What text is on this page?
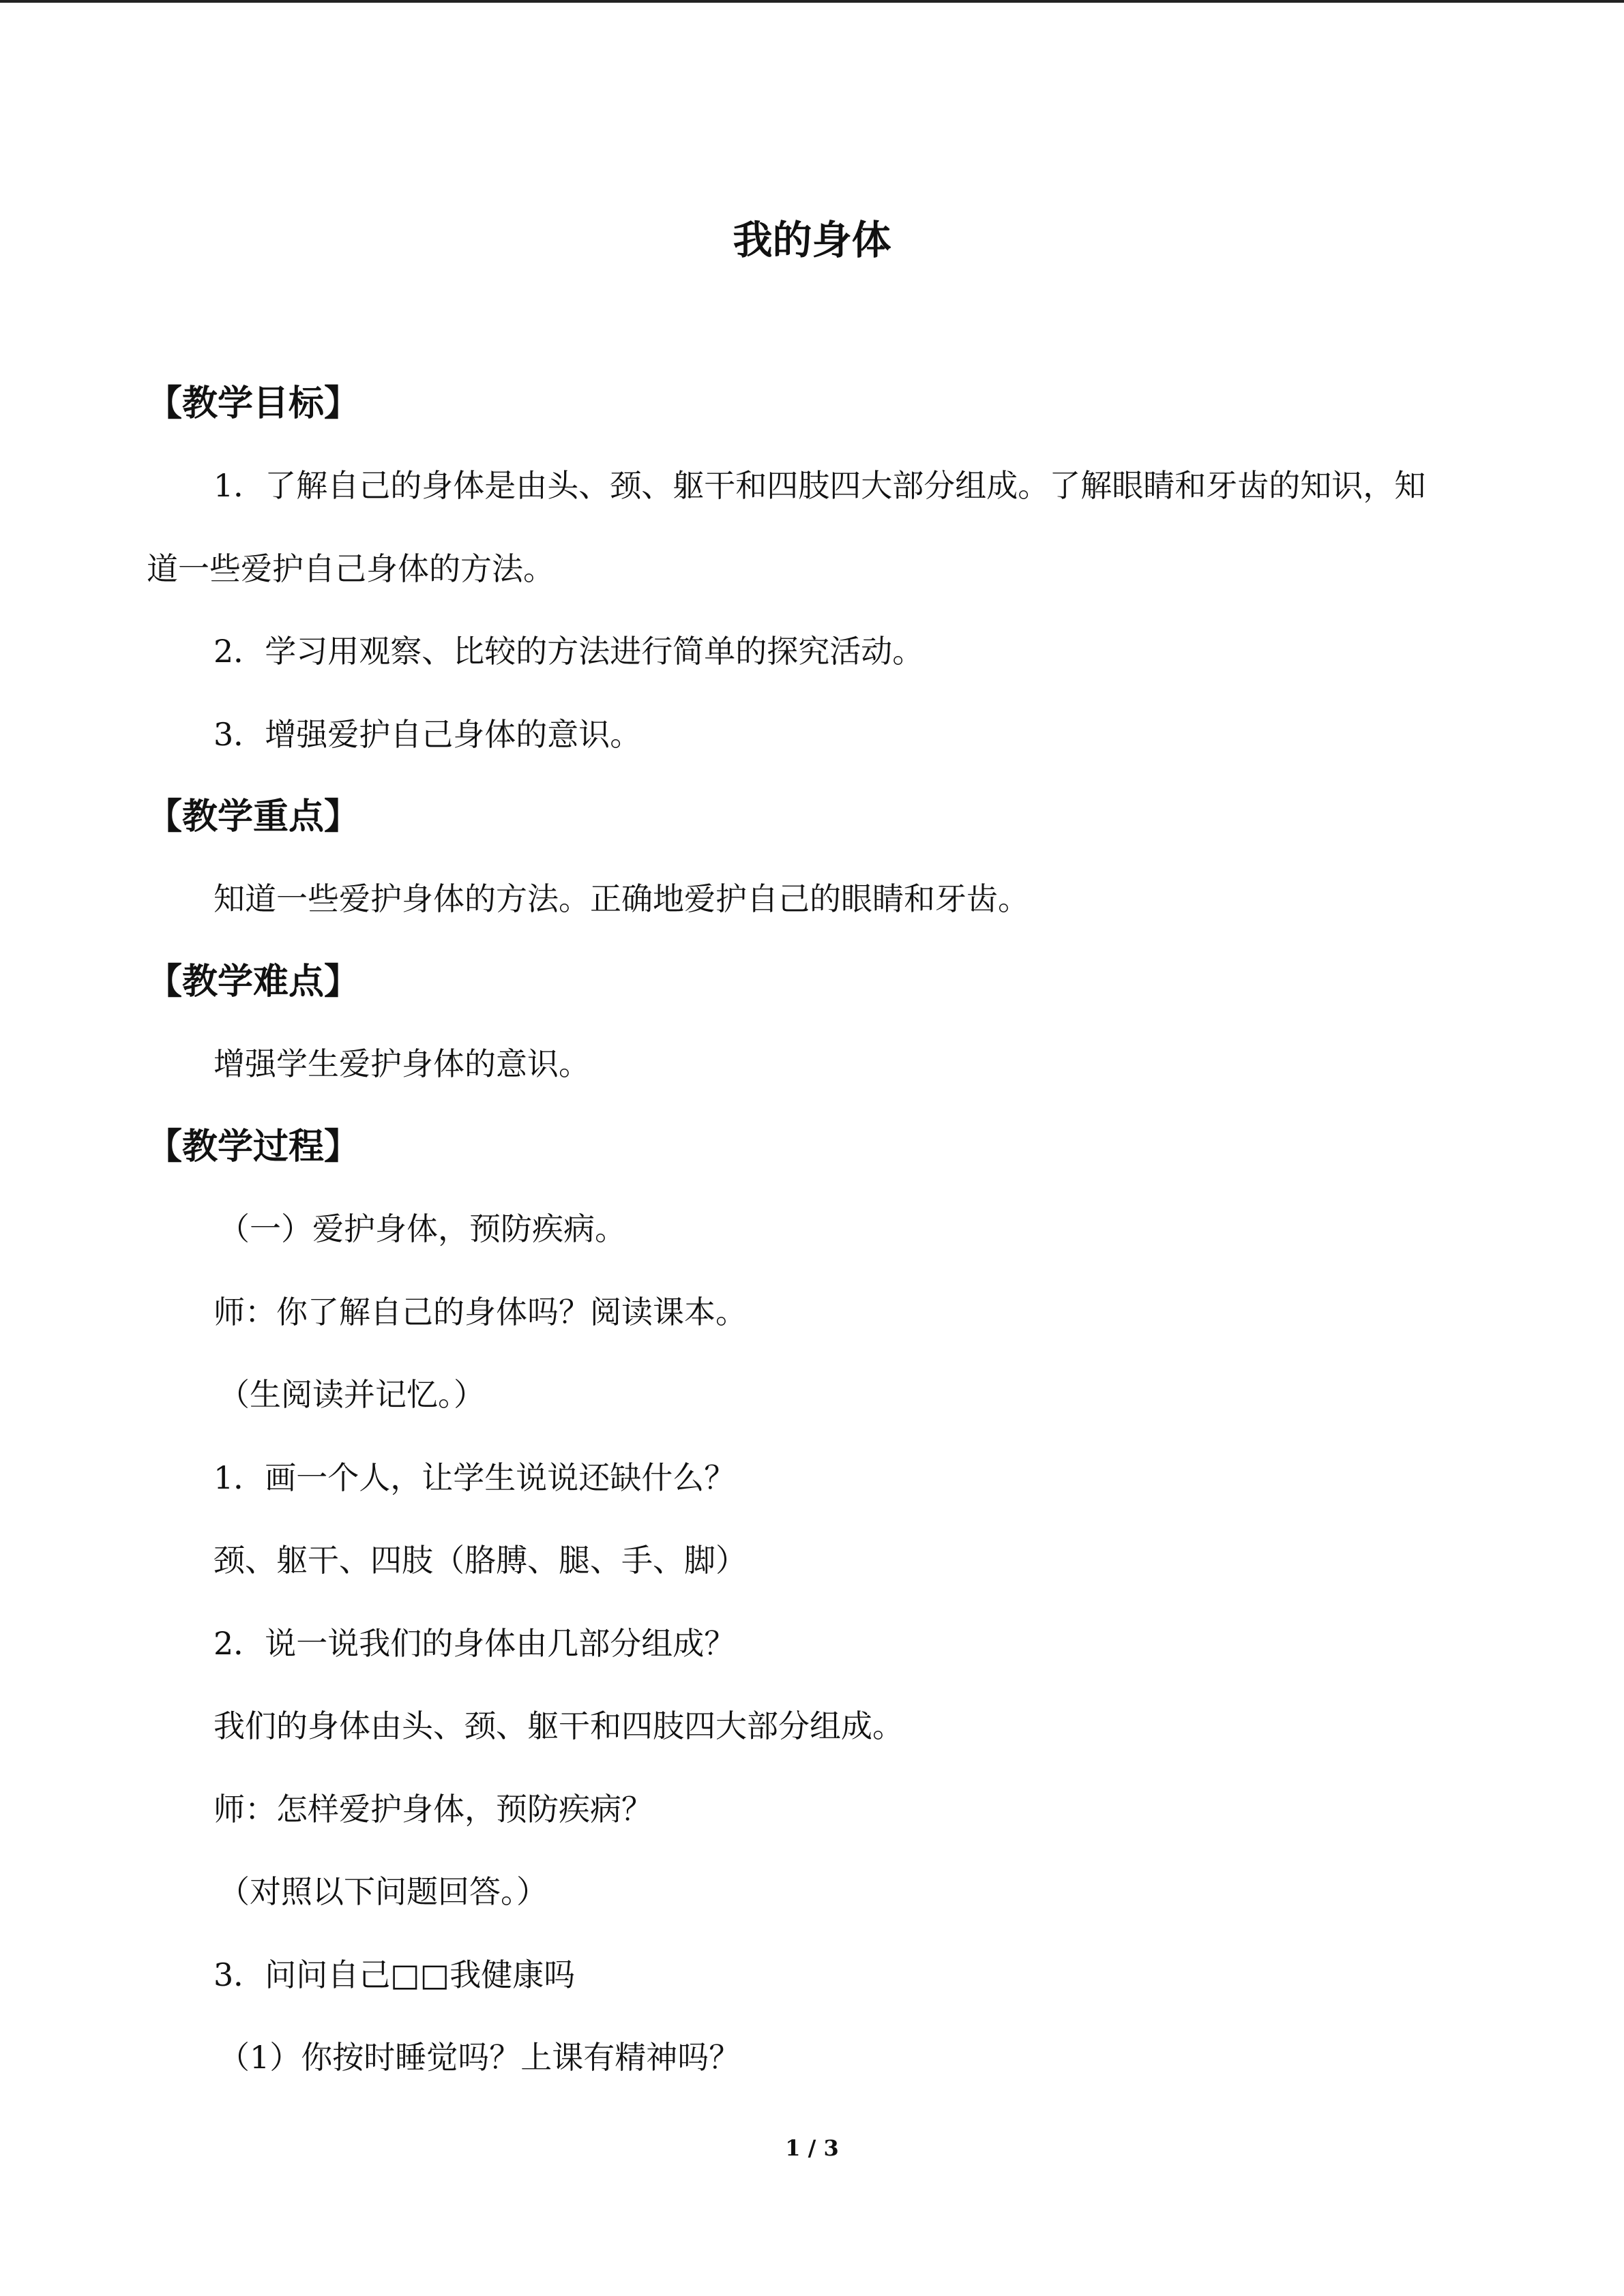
我的身体
【教学目标】
1．了解自己的身体是由头、颈、躯干和四肢四大部分组成。了解眼睛和牙齿的知识，知
道一些爱护自己身体的方法。
2．学习用观察、比较的方法进行简单的探究活动。
3．增强爱护自己身体的意识。
【教学重点】
知道一些爱护身体的方法。正确地爱护自己的眼睛和牙齿。
【教学难点】
增强学生爱护身体的意识。
【教学过程】
（一）爱护身体，预防疾病。
师：你了解自己的身体吗？阅读课本。
（生阅读并记忆。）
1．画一个人，让学生说说还缺什么？
颈、躯干、四肢（胳膊、腿、手、脚）
2．说一说我们的身体由几部分组成？
我们的身体由头、颈、躯干和四肢四大部分组成。
师：怎样爱护身体，预防疾病？
（对照以下问题回答。）
3．问问自己□□我健康吗
（1）你按时睡觉吗？上课有精神吗？
1 / 3
